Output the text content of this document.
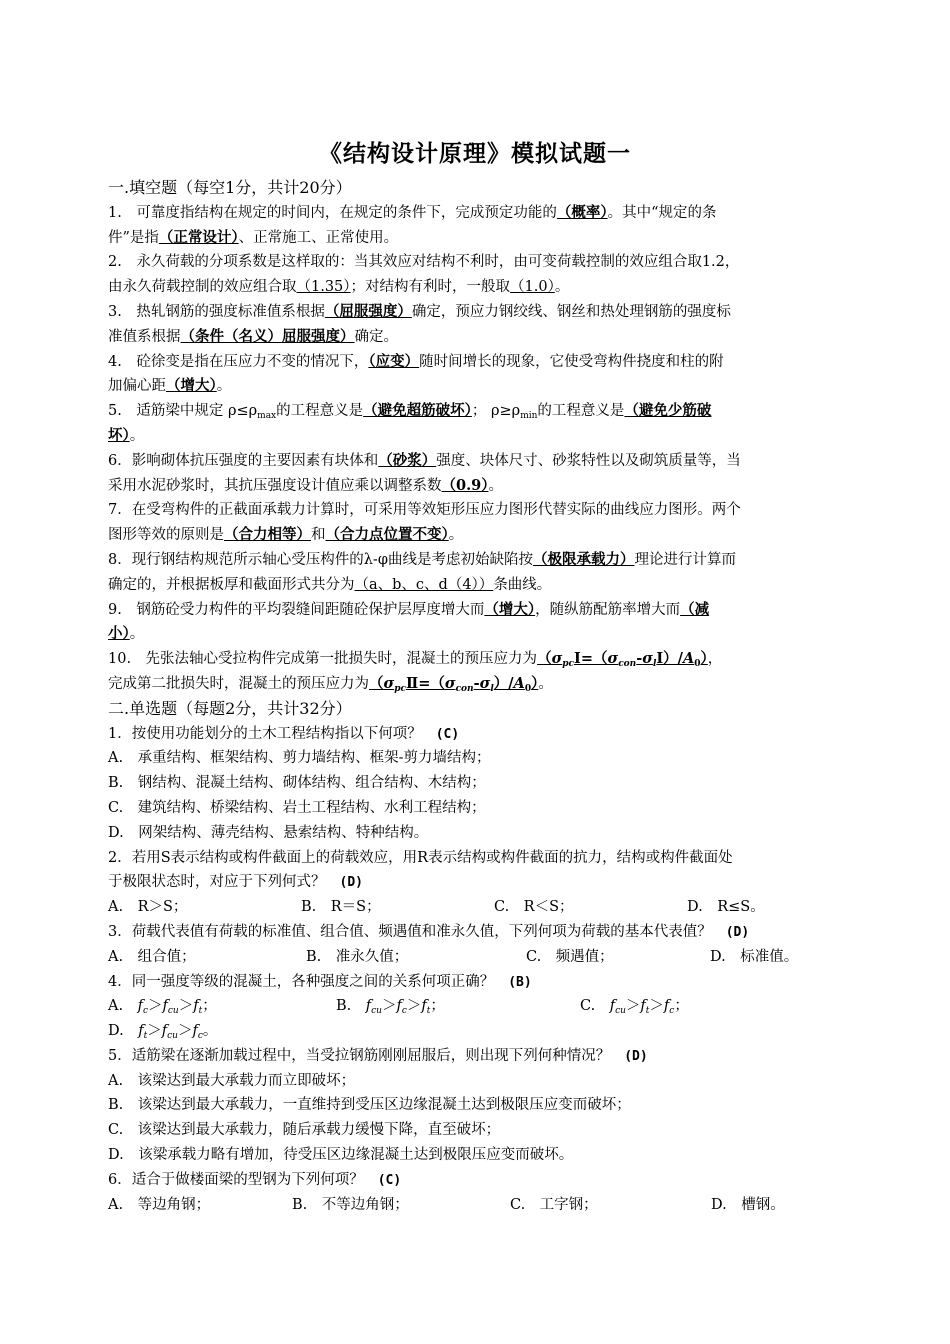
《结构设计原理》模拟试题一
一.填空题（每空1分，共计20分）
1.　可靠度指结构在规定的时间内，在规定的条件下，完成预定功能的（概率）。其中“规定的条
件”是指（正常设计）、正常施工、正常使用。
2.　永久荷载的分项系数是这样取的：当其效应对结构不利时，由可变荷载控制的效应组合取1.2，
由永久荷载控制的效应组合取（1.35）；对结构有利时，一般取（1.0）。
3.　热轧钢筋的强度标准值系根据（屈服强度）确定，预应力钢绞线、钢丝和热处理钢筋的强度标
准值系根据（条件（名义）屈服强度）确定。
4.　砼徐变是指在压应力不变的情况下，（应变）随时间增长的现象，它使受弯构件挠度和柱的附
加偏心距（增大）。
5.　适筋梁中规定 $\rho\le\rho_{max}$的工程意义是（避免超筋破坏）； $\rho\ge\rho_{min}$的工程意义是（避免少筋破
坏）。
6．影响砌体抗压强度的主要因素有块体和（砂浆）强度、块体尺寸、砂浆特性以及砌筑质量等，当
采用水泥砂浆时，其抗压强度设计值应乘以调整系数（0.9）。
7．在受弯构件的正截面承载力计算时，可采用等效矩形压应力图形代替实际的曲线应力图形。两个
图形等效的原则是（合力相等）和（合力点位置不变）。
8．现行钢结构规范所示轴心受压构件的λ-φ曲线是考虑初始缺陷按（极限承载力）理论进行计算而
确定的，并根据板厚和截面形式共分为（a、b、c、d（4））条曲线。
9.　钢筋砼受力构件的平均裂缝间距随砼保护层厚度增大而（增大），随纵筋配筋率增大而（减
小）。
10.　先张法轴心受拉构件完成第一批损失时，混凝土的预压应力为$(\sigma_{pc}Ⅰ=(\sigma_{con}-\sigma_lⅠ)/A_0)$，
完成第二批损失时，混凝土的预压应力为$(\sigma_{pc}Ⅱ=(\sigma_{con}-\sigma_l)/A_0)$。
二.单选题（每题2分，共计32分）
1．按使用功能划分的土木工程结构指以下何项？ (C)
A.　承重结构、框架结构、剪力墙结构、框架-剪力墙结构；
B.　钢结构、混凝土结构、砌体结构、组合结构、木结构；
C.　建筑结构、桥梁结构、岩土工程结构、水利工程结构；
D.　网架结构、薄壳结构、悬索结构、特种结构。
2．若用S表示结构或构件截面上的荷载效应，用R表示结构或构件截面的抗力，结构或构件截面处
于极限状态时，对应于下列何式？ (D)
A.　R＞S；	B.　R＝S；	C.　R＜S；	D.　R≤S。
3．荷载代表值有荷载的标准值、组合值、频遇值和准永久值，下列何项为荷载的基本代表值？ (D)
A.　组合值；	B.　准永久值；	C.　频遇值；	D.　标准值。
4．同一强度等级的混凝土，各种强度之间的关系何项正确？ (B)
A.　$f_c>f_{cu}>f_t$；	B.　$f_{cu}>f_c>f_t$；	C.　$f_{cu}>f_t>f_c$；
D.　$f_t>f_{cu}>f_c$。
5．适筋梁在逐渐加载过程中，当受拉钢筋刚刚屈服后，则出现下列何种情况？ (D)
A.　该梁达到最大承载力而立即破坏；
B.　该梁达到最大承载力，一直维持到受压区边缘混凝土达到极限压应变而破坏；
C.　该梁达到最大承载力，随后承载力缓慢下降，直至破坏；
D.　该梁承载力略有增加，待受压区边缘混凝土达到极限压应变而破坏。
6．适合于做楼面梁的型钢为下列何项？ (C)
A.　等边角钢；	B.　不等边角钢；	C.　工字钢；	D.　槽钢。
